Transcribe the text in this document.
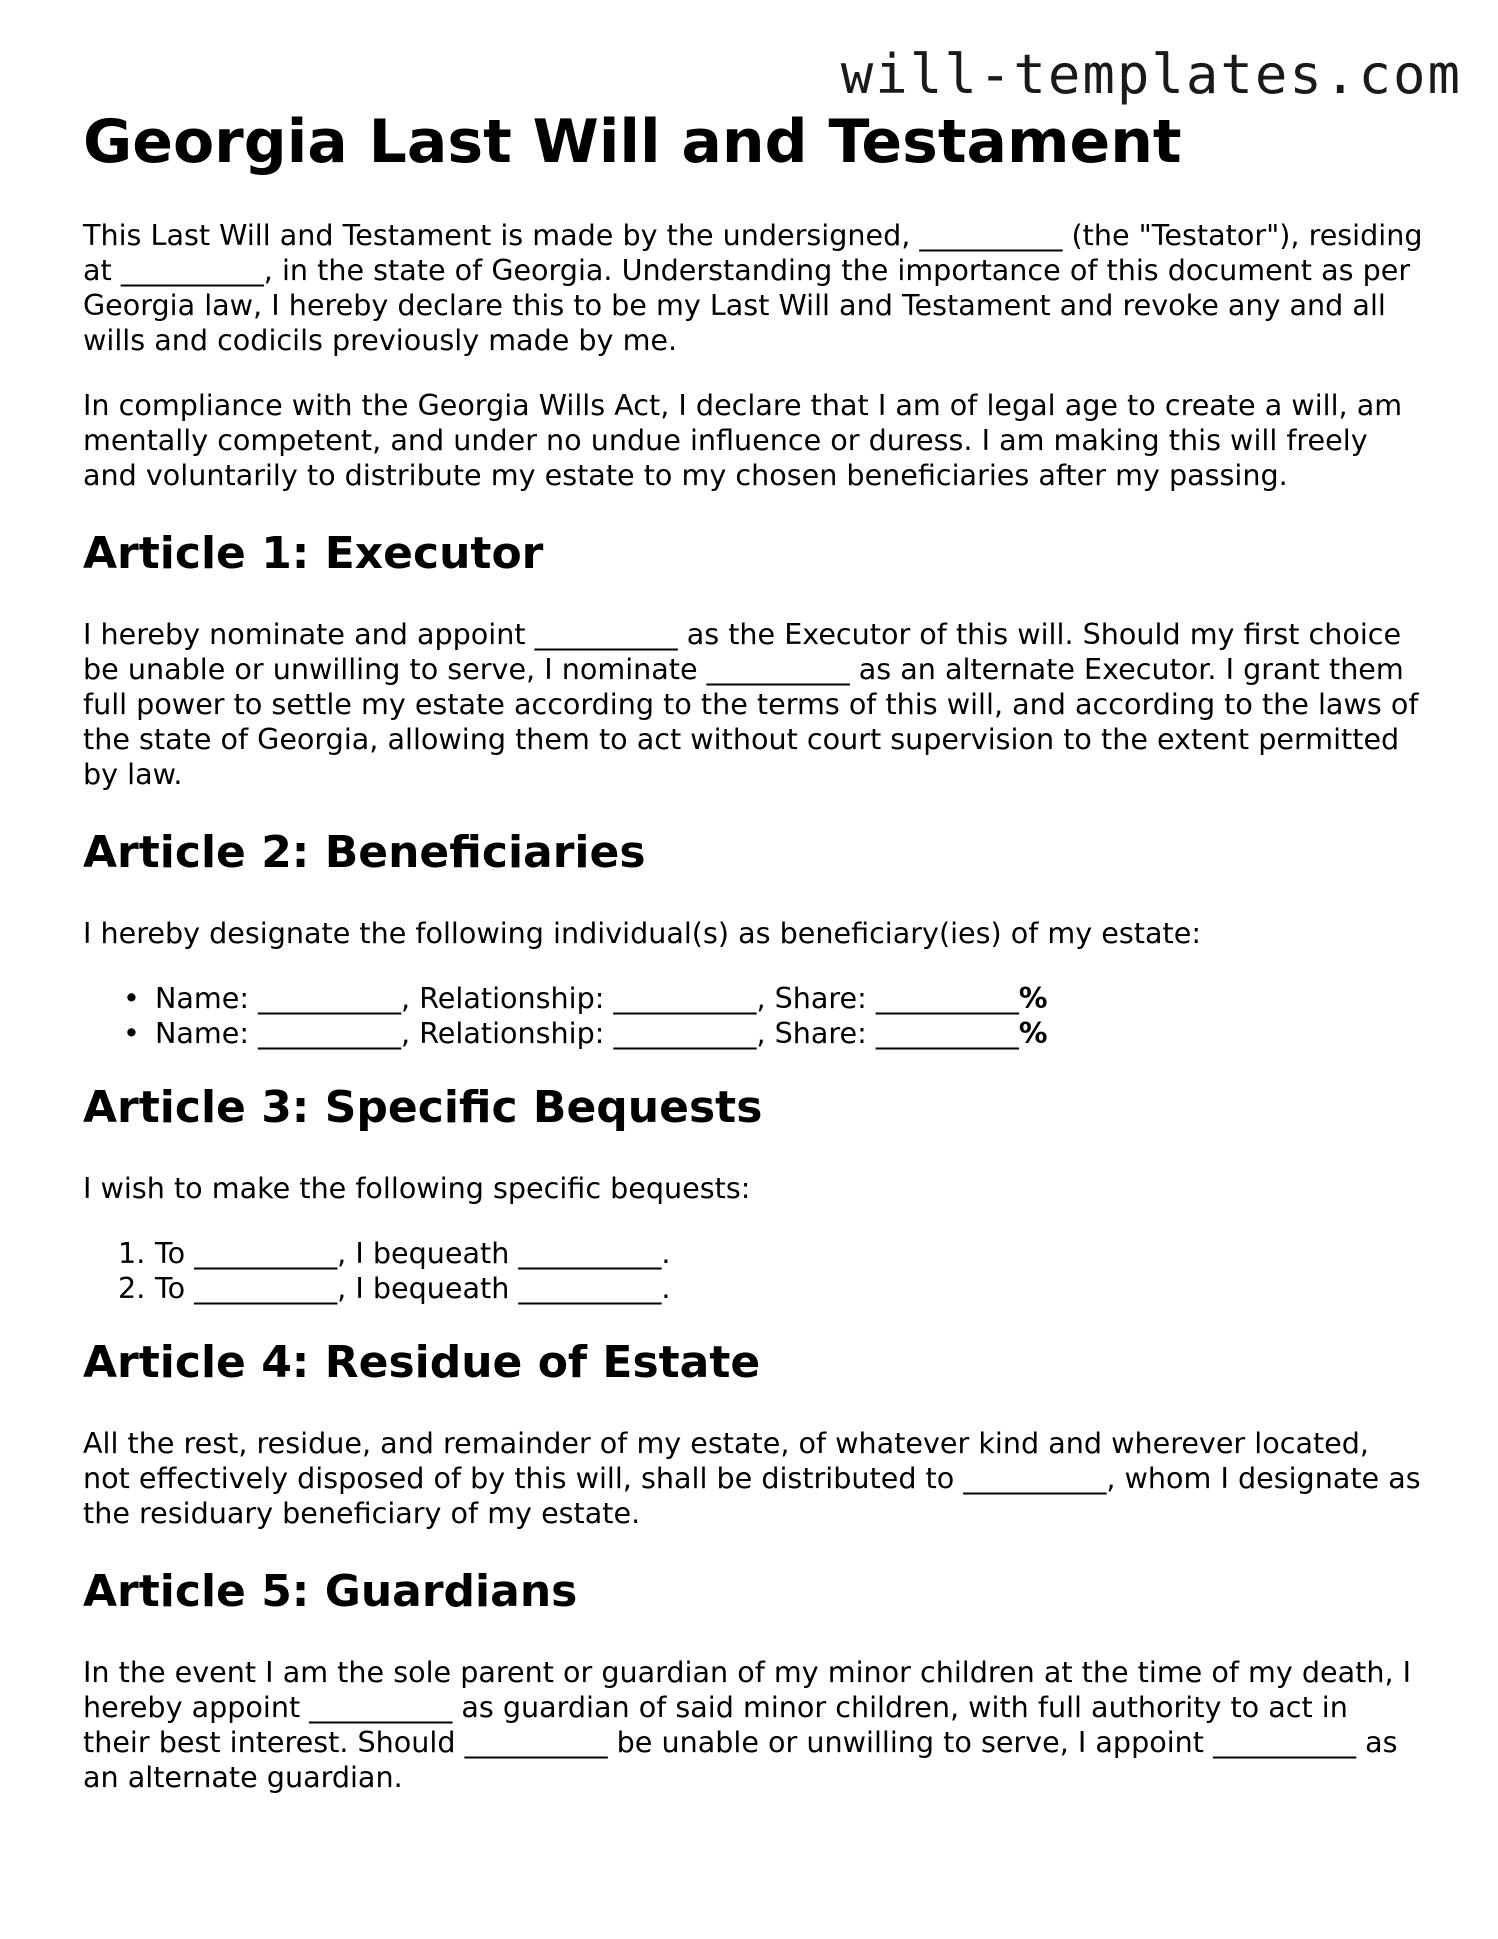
will-templates.com
Georgia Last Will and Testament

This Last Will and Testament is made by the undersigned, __________ (the "Testator"), residing at __________, in the state of Georgia. Understanding the importance of this document as per Georgia law, I hereby declare this to be my Last Will and Testament and revoke any and all wills and codicils previously made by me.

In compliance with the Georgia Wills Act, I declare that I am of legal age to create a will, am mentally competent, and under no undue influence or duress. I am making this will freely and voluntarily to distribute my estate to my chosen beneficiaries after my passing.

Article 1: Executor

I hereby nominate and appoint __________ as the Executor of this will. Should my first choice be unable or unwilling to serve, I nominate __________ as an alternate Executor. I grant them full power to settle my estate according to the terms of this will, and according to the laws of the state of Georgia, allowing them to act without court supervision to the extent permitted by law.

Article 2: Beneficiaries

I hereby designate the following individual(s) as beneficiary(ies) of my estate:

• Name: __________, Relationship: __________, Share: __________%
• Name: __________, Relationship: __________, Share: __________%
Article 3: Specific Bequests

I wish to make the following specific bequests:

1. To __________, I bequeath __________.
2. To __________, I bequeath __________.
Article 4: Residue of Estate

All the rest, residue, and remainder of my estate, of whatever kind and wherever located, not effectively disposed of by this will, shall be distributed to __________, whom I designate as the residuary beneficiary of my estate.

Article 5: Guardians

In the event I am the sole parent or guardian of my minor children at the time of my death, I hereby appoint __________ as guardian of said minor children, with full authority to act in their best interest. Should __________ be unable or unwilling to serve, I appoint __________ as an alternate guardian.
